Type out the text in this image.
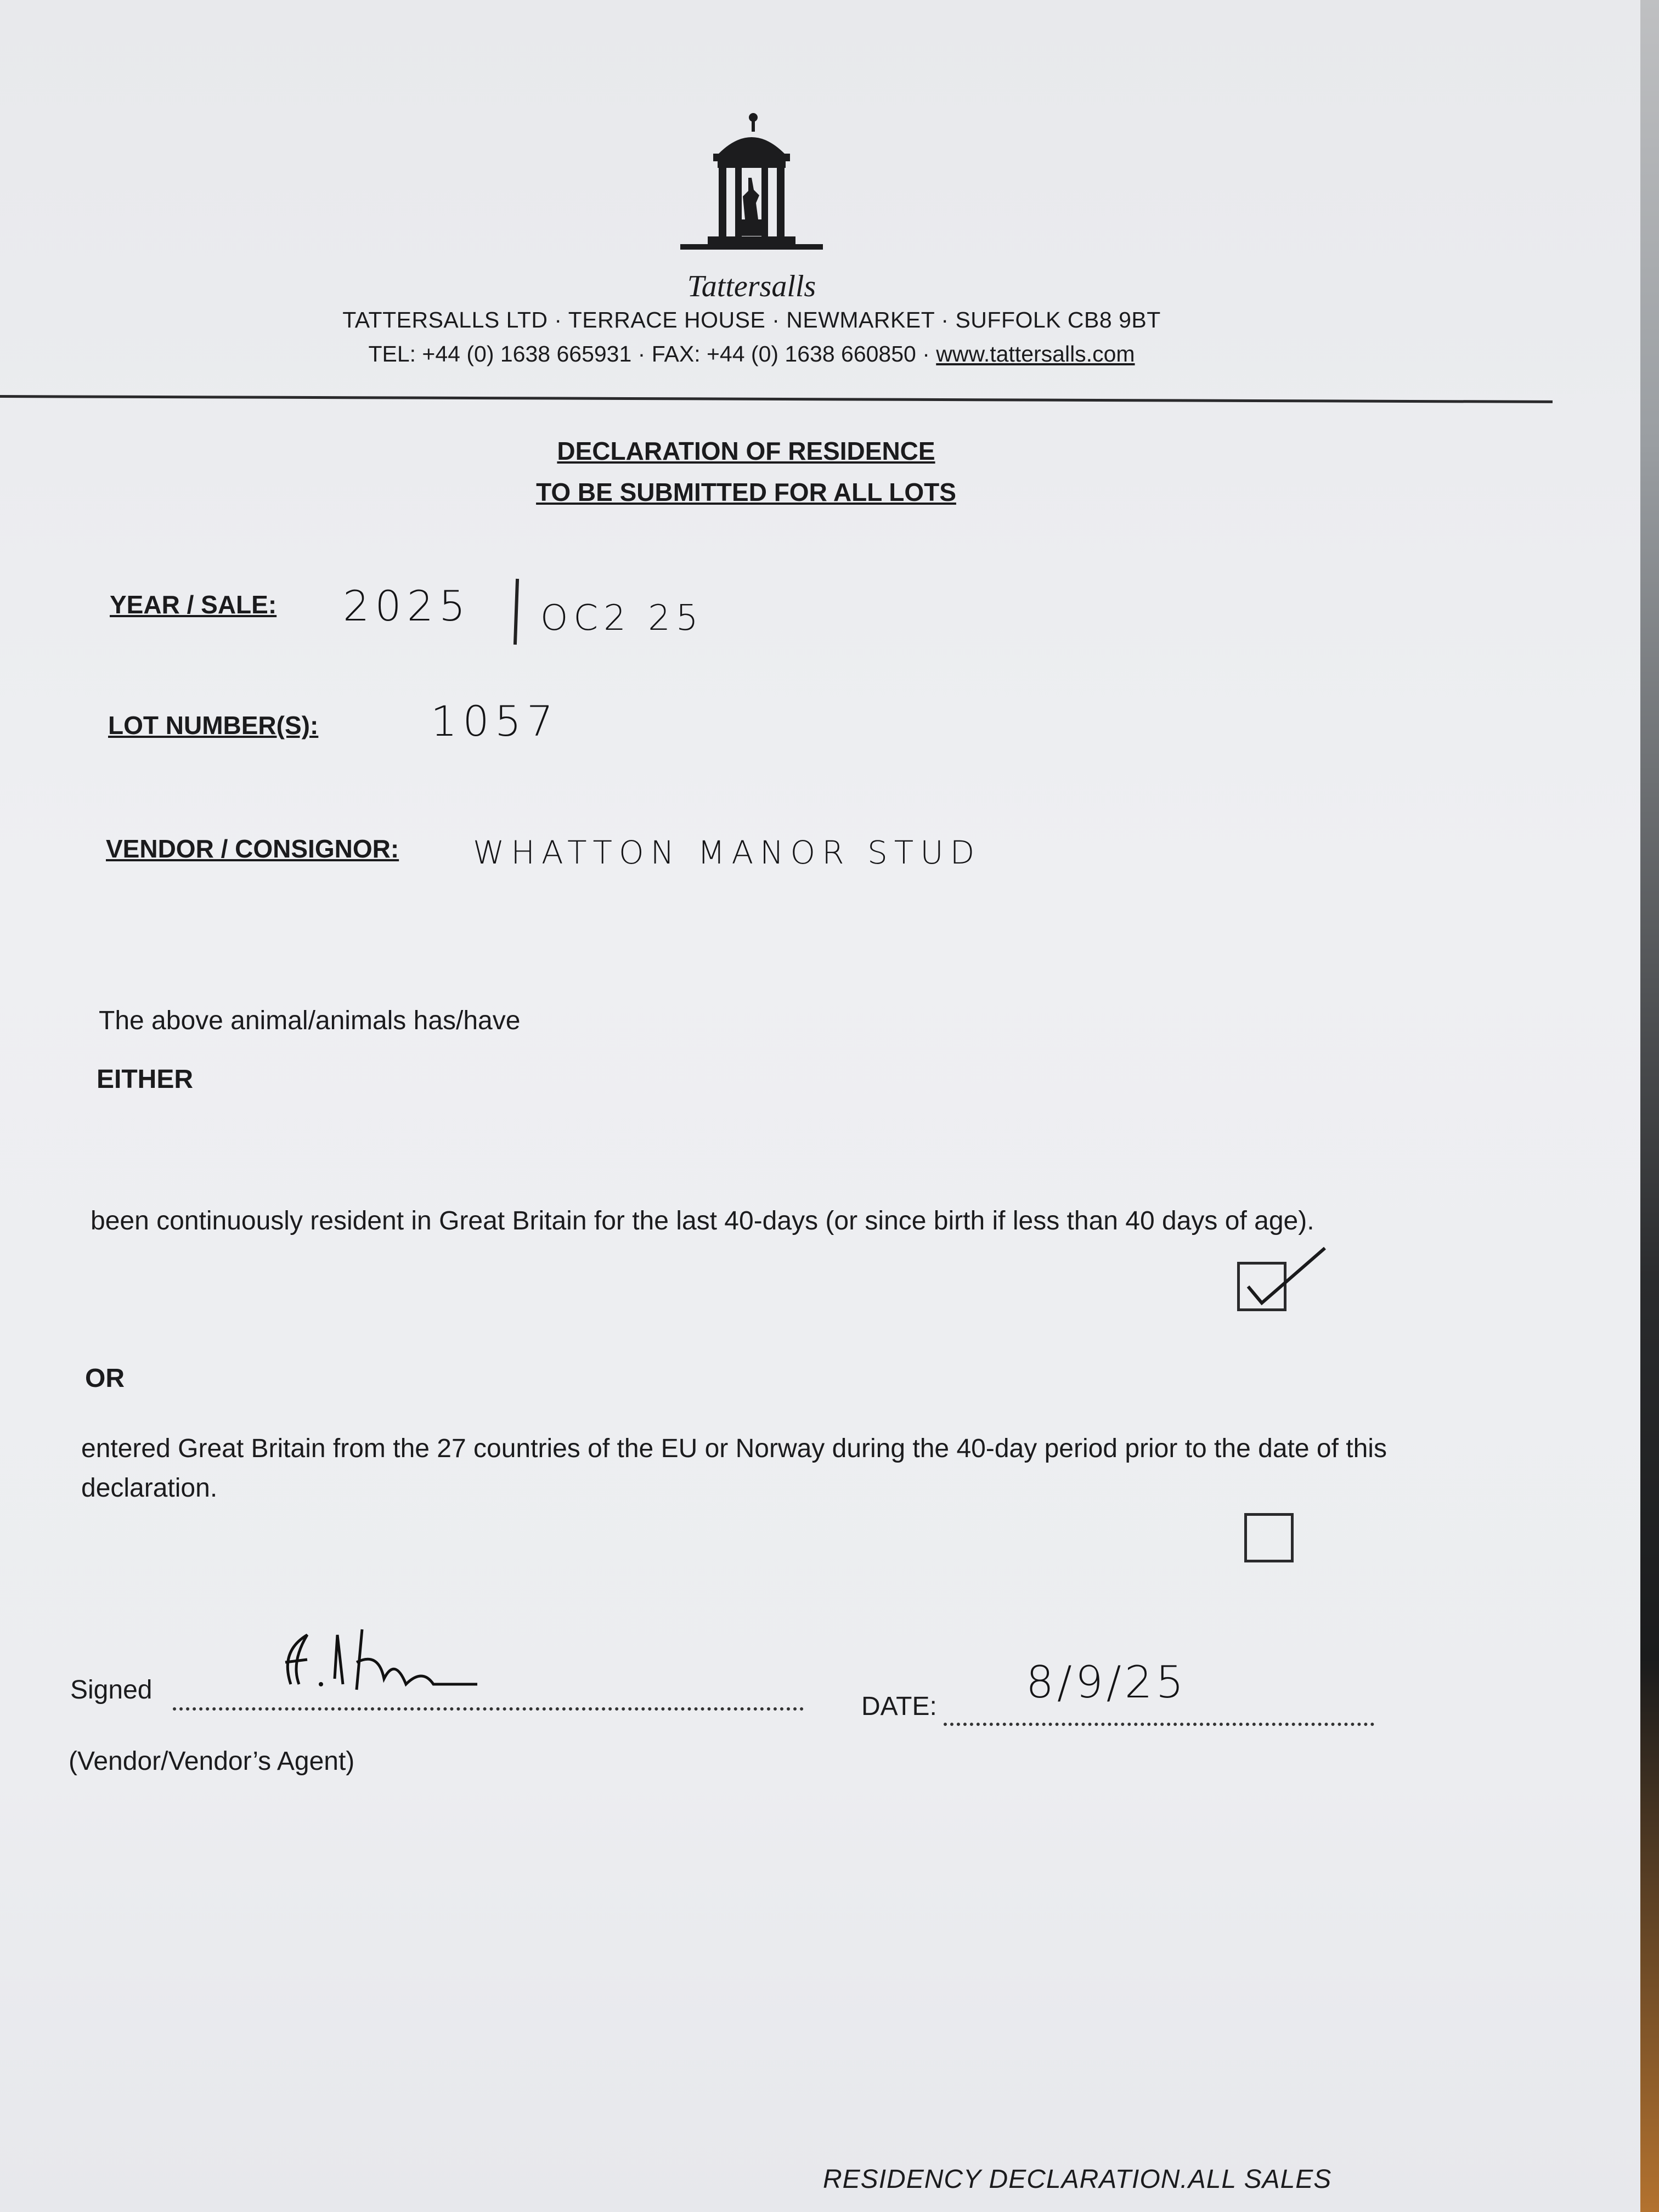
Tattersalls
TATTERSALLS LTD · TERRACE HOUSE · NEWMARKET · SUFFOLK CB8 9BT
TEL: +44 (0) 1638 665931 · FAX: +44 (0) 1638 660850 · www.tattersalls.com
DECLARATION OF RESIDENCE
TO BE SUBMITTED FOR ALL LOTS
YEAR / SALE: 2025 OC2 25
LOT NUMBER(S):	1057
VENDOR / CONSIGNOR: WHATTON MANOR STUD
The above animal/animals has/have
EITHER
been continuously resident in Great Britain for the last 40-days (or since birth if less than 40 days of age).
OR
entered Great Britain from the 27 countries of the EU or Norway during the 40-day period prior to the date of this declaration.
Signed
DATE: 8/9/25
(Vendor/Vendor’s Agent)
RESIDENCY DECLARATION.ALL SALES
